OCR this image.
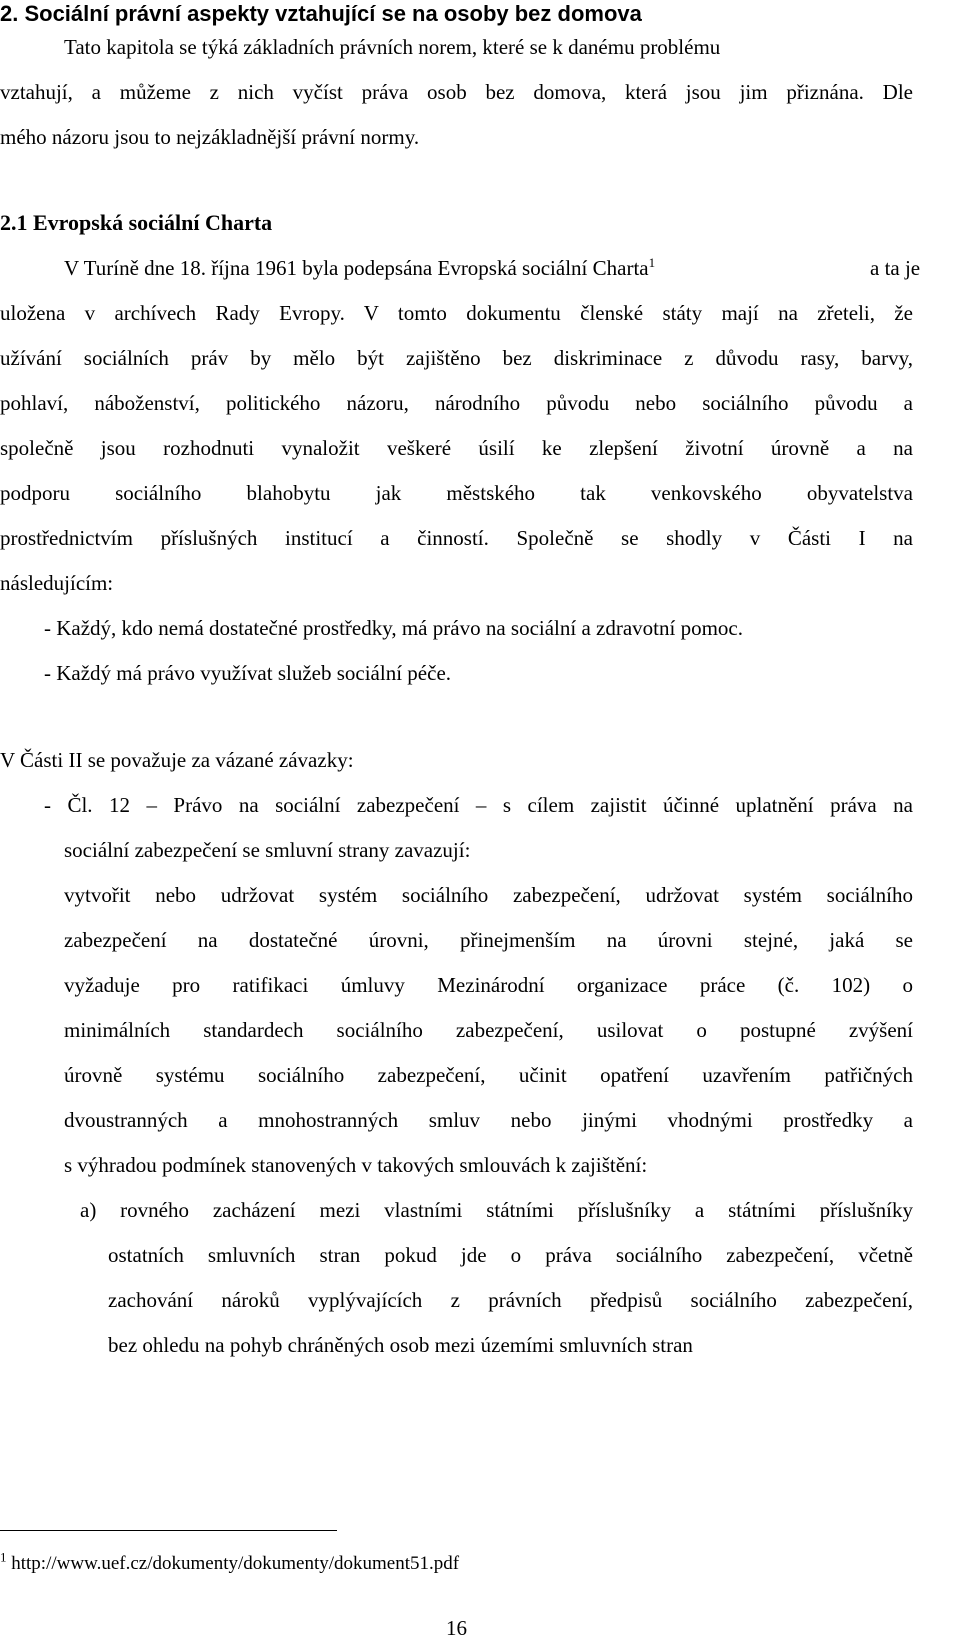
2. Sociální právní aspekty vztahující se na osoby bez domova
Tato kapitola se týká základních právních norem, které se k danému problému
vztahují, a můžeme z nich vyčíst práva osob bez domova, která jsou jim přiznána. Dle
mého názoru jsou to nejzákladnější právní normy.
2.1 Evropská sociální Charta
V Turíně dne 18. října 1961 byla podepsána Evropská sociální Charta$^1$	a ta je
uložena v archívech Rady Evropy. V tomto dokumentu členské státy mají na zřeteli, že
užívání sociálních práv by mělo být zajištěno bez diskriminace z důvodu rasy, barvy,
pohlaví, náboženství, politického názoru, národního původu nebo sociálního původu a
společně jsou rozhodnuti vynaložit veškeré úsilí ke zlepšení životní úrovně a na
podporu sociálního blahobytu jak městského tak venkovského obyvatelstva
prostřednictvím příslušných institucí a činností. Společně se shodly v Části I na
následujícím:
- Každý, kdo nemá dostatečné prostředky, má právo na sociální a zdravotní pomoc.
- Každý má právo využívat služeb sociální péče.
V Části II se považuje za vázané závazky:
- Čl. 12 – Právo na sociální zabezpečení – s cílem zajistit účinné uplatnění práva na
sociální zabezpečení se smluvní strany zavazují:
vytvořit nebo udržovat systém sociálního zabezpečení, udržovat systém sociálního
zabezpečení na dostatečné úrovni, přinejmenším na úrovni stejné, jaká se
vyžaduje pro ratifikaci úmluvy Mezinárodní organizace práce (č. 102) o
minimálních standardech sociálního zabezpečení, usilovat o postupné zvýšení
úrovně systému sociálního zabezpečení, učinit opatření uzavřením patřičných
dvoustranných a mnohostranných smluv nebo jinými vhodnými prostředky a
s výhradou podmínek stanovených v takových smlouvách k zajištění:
a) rovného zacházení mezi vlastními státními příslušníky a státními příslušníky
ostatních smluvních stran pokud jde o práva sociálního zabezpečení, včetně
zachování nároků vyplývajících z právních předpisů sociálního zabezpečení,
bez ohledu na pohyb chráněných osob mezi územími smluvních stran
$^1$ http://www.uef.cz/dokumenty/dokumenty/dokument51.pdf
16
